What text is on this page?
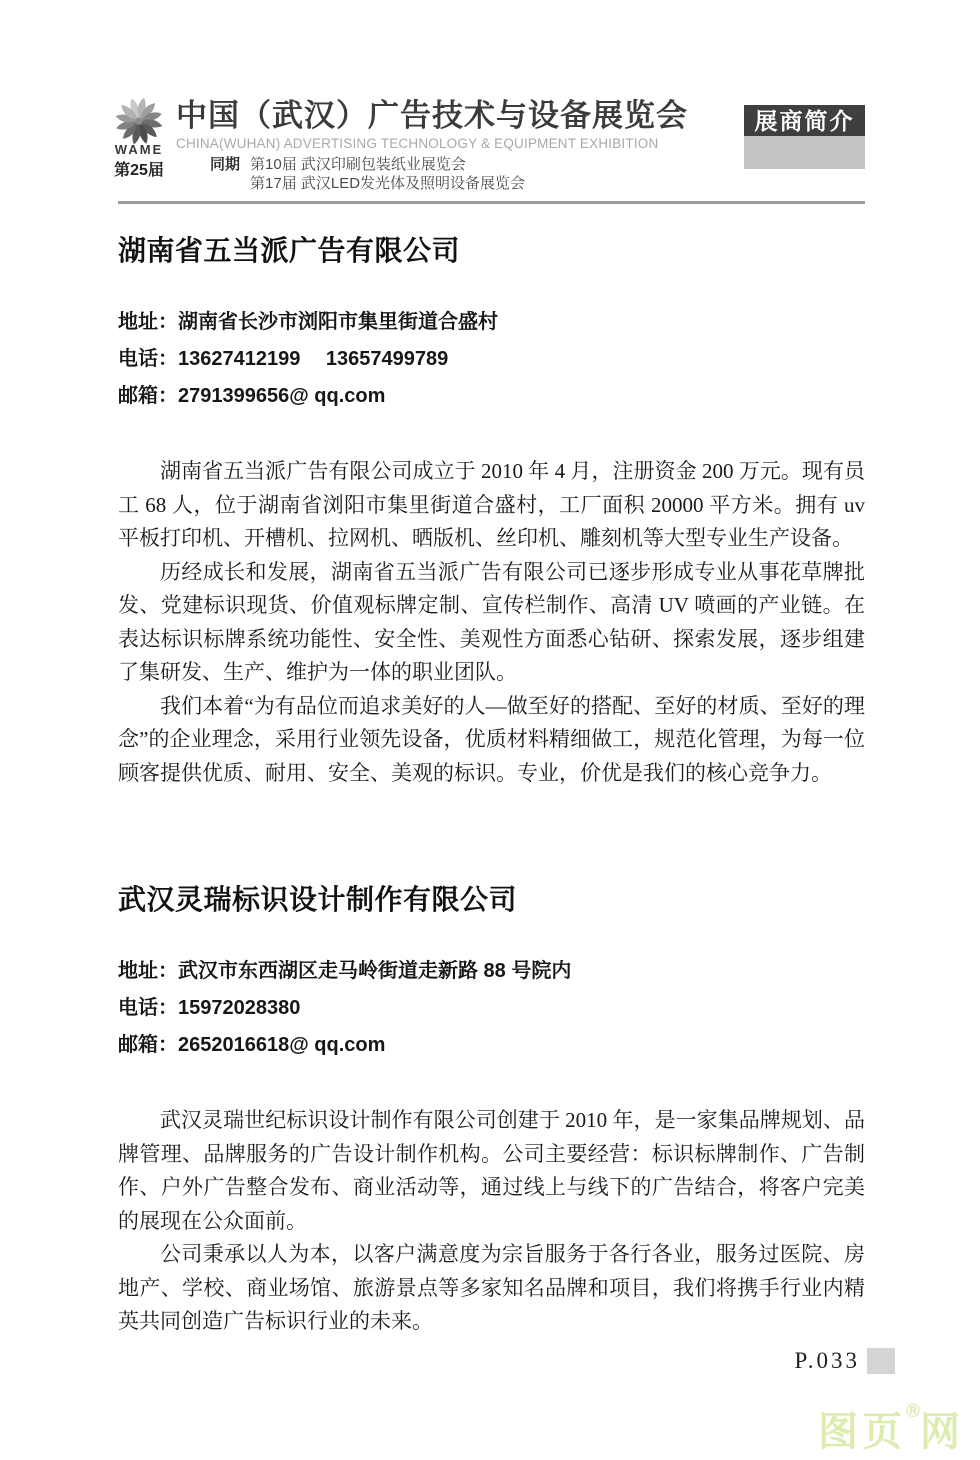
WAME
第25届
中国（武汉）广告技术与设备展览会
CHINA(WUHAN) ADVERTISING TECHNOLOGY & EQUIPMENT EXHIBITION
同期 第10届 武汉印刷包装纸业展览会
第17届 武汉LED发光体及照明设备展览会
展商简介
湖南省五当派广告有限公司
地址：湖南省长沙市浏阳市集里街道合盛村
电话：13627412199　 13657499789
邮箱：2791399656@ qq.com

湖南省五当派广告有限公司成立于 2010 年 4 月，注册资金 200 万元。现有员工 68 人，位于湖南省浏阳市集里街道合盛村，工厂面积 20000 平方米。拥有 uv 平板打印机、开槽机、拉网机、晒版机、丝印机、雕刻机等大型专业生产设备。

历经成长和发展，湖南省五当派广告有限公司已逐步形成专业从事花草牌批发、党建标识现货、价值观标牌定制、宣传栏制作、高清 UV 喷画的产业链。在表达标识标牌系统功能性、安全性、美观性方面悉心钻研、探索发展，逐步组建了集研发、生产、维护为一体的职业团队。

我们本着“为有品位而追求美好的人—做至好的搭配、至好的材质、至好的理念”的企业理念，采用行业领先设备，优质材料精细做工，规范化管理，为每一位顾客提供优质、耐用、安全、美观的标识。专业，价优是我们的核心竞争力。

武汉灵瑞标识设计制作有限公司
地址：武汉市东西湖区走马岭街道走新路 88 号院内
电话：15972028380
邮箱：2652016618@ qq.com

武汉灵瑞世纪标识设计制作有限公司创建于 2010 年，是一家集品牌规划、品牌管理、品牌服务的广告设计制作机构。公司主要经营：标识标牌制作、广告制作、户外广告整合发布、商业活动等，通过线上与线下的广告结合，将客户完美的展现在公众面前。

公司秉承以人为本，以客户满意度为宗旨服务于各行各业，服务过医院、房地产、学校、商业场馆、旅游景点等多家知名品牌和项目，我们将携手行业内精英共同创造广告标识行业的未来。

P.033
图页®网
